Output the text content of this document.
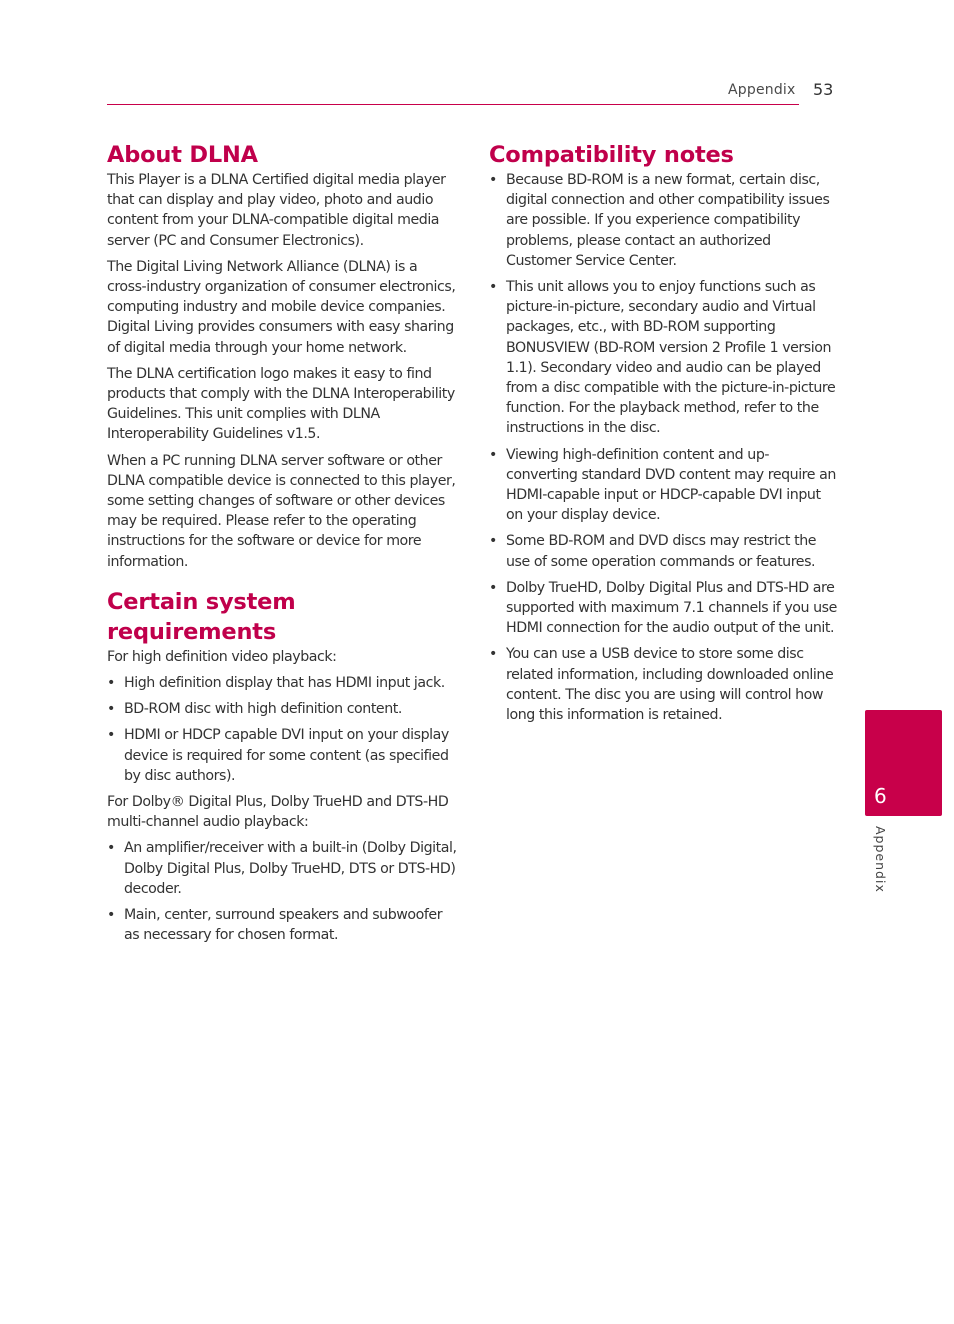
Appendix 53
About DLNA

This Player is a DLNA Certified digital media player that can display and play video, photo and audio content from your DLNA-compatible digital media server (PC and Consumer Electronics).

The Digital Living Network Alliance (DLNA) is a cross-industry organization of consumer electronics, computing industry and mobile device companies. Digital Living provides consumers with easy sharing of digital media through your home network.

The DLNA certification logo makes it easy to find products that comply with the DLNA Interoperability Guidelines. This unit complies with DLNA Interoperability Guidelines v1.5.

When a PC running DLNA server software or other DLNA compatible device is connected to this player, some setting changes of software or other devices may be required. Please refer to the operating instructions for the software or device for more information.

Certain system requirements

For high definition video playback:

• High definition display that has HDMI input jack.
• BD-ROM disc with high definition content.
• HDMI or HDCP capable DVI input on your display device is required for some content (as specified by disc authors).

For Dolby® Digital Plus, Dolby TrueHD and DTS-HD multi-channel audio playback:

• An amplifier/receiver with a built-in (Dolby Digital, Dolby Digital Plus, Dolby TrueHD, DTS or DTS-HD) decoder.
• Main, center, surround speakers and subwoofer as necessary for chosen format.
Compatibility notes
• Because BD-ROM is a new format, certain disc, digital connection and other compatibility issues are possible. If you experience compatibility problems, please contact an authorized Customer Service Center.
• This unit allows you to enjoy functions such as picture-in-picture, secondary audio and Virtual packages, etc., with BD-ROM supporting BONUSVIEW (BD-ROM version 2 Profile 1 version 1.1). Secondary video and audio can be played from a disc compatible with the picture-in-picture function. For the playback method, refer to the instructions in the disc.
• Viewing high-definition content and up-converting standard DVD content may require an HDMI-capable input or HDCP-capable DVI input on your display device.
• Some BD-ROM and DVD discs may restrict the use of some operation commands or features.
• Dolby TrueHD, Dolby Digital Plus and DTS-HD are supported with maximum 7.1 channels if you use HDMI connection for the audio output of the unit.
• You can use a USB device to store some disc related information, including downloaded online content. The disc you are using will control how long this information is retained.
6
Appendix
